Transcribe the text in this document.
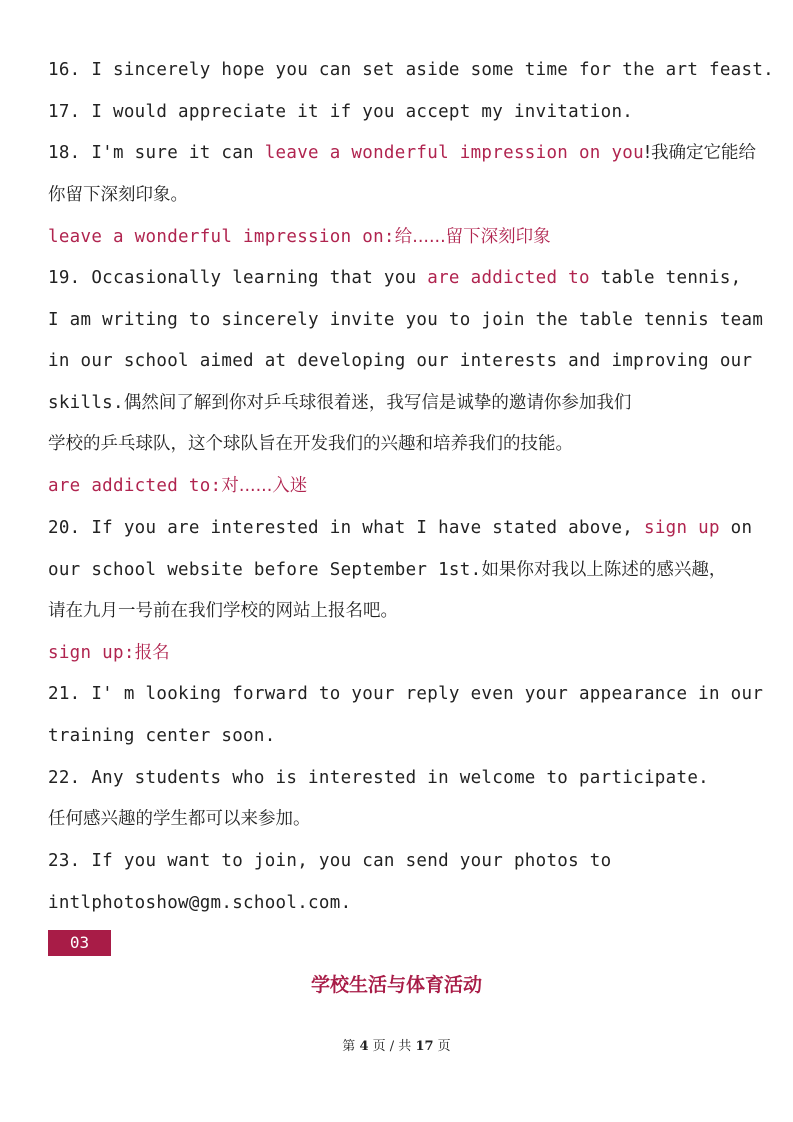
16. I sincerely hope you can set aside some time for the art feast.
17. I would appreciate it if you accept my invitation.
18. I'm sure it can leave a wonderful impression on you!我确定它能给
你留下深刻印象。
leave a wonderful impression on:给......留下深刻印象
19. Occasionally learning that you are addicted to table tennis,
I am writing to sincerely invite you to join the table tennis team
in our school aimed at developing our interests and improving our
skills.偶然间了解到你对乒乓球很着迷，我写信是诚挚的邀请你参加我们
学校的乒乓球队，这个球队旨在开发我们的兴趣和培养我们的技能。
are addicted to:对......入迷
20. If you are interested in what I have stated above, sign up on
our school website before September 1st.如果你对我以上陈述的感兴趣，
请在九月一号前在我们学校的网站上报名吧。
sign up:报名
21. I' m looking forward to your reply even your appearance in our
training center soon.
22. Any students who is interested in welcome to participate.
任何感兴趣的学生都可以来参加。
23. If you want to join, you can send your photos to
intlphotoshow@gm.school.com.
03
学校生活与体育活动
第 4 页 / 共 17 页
